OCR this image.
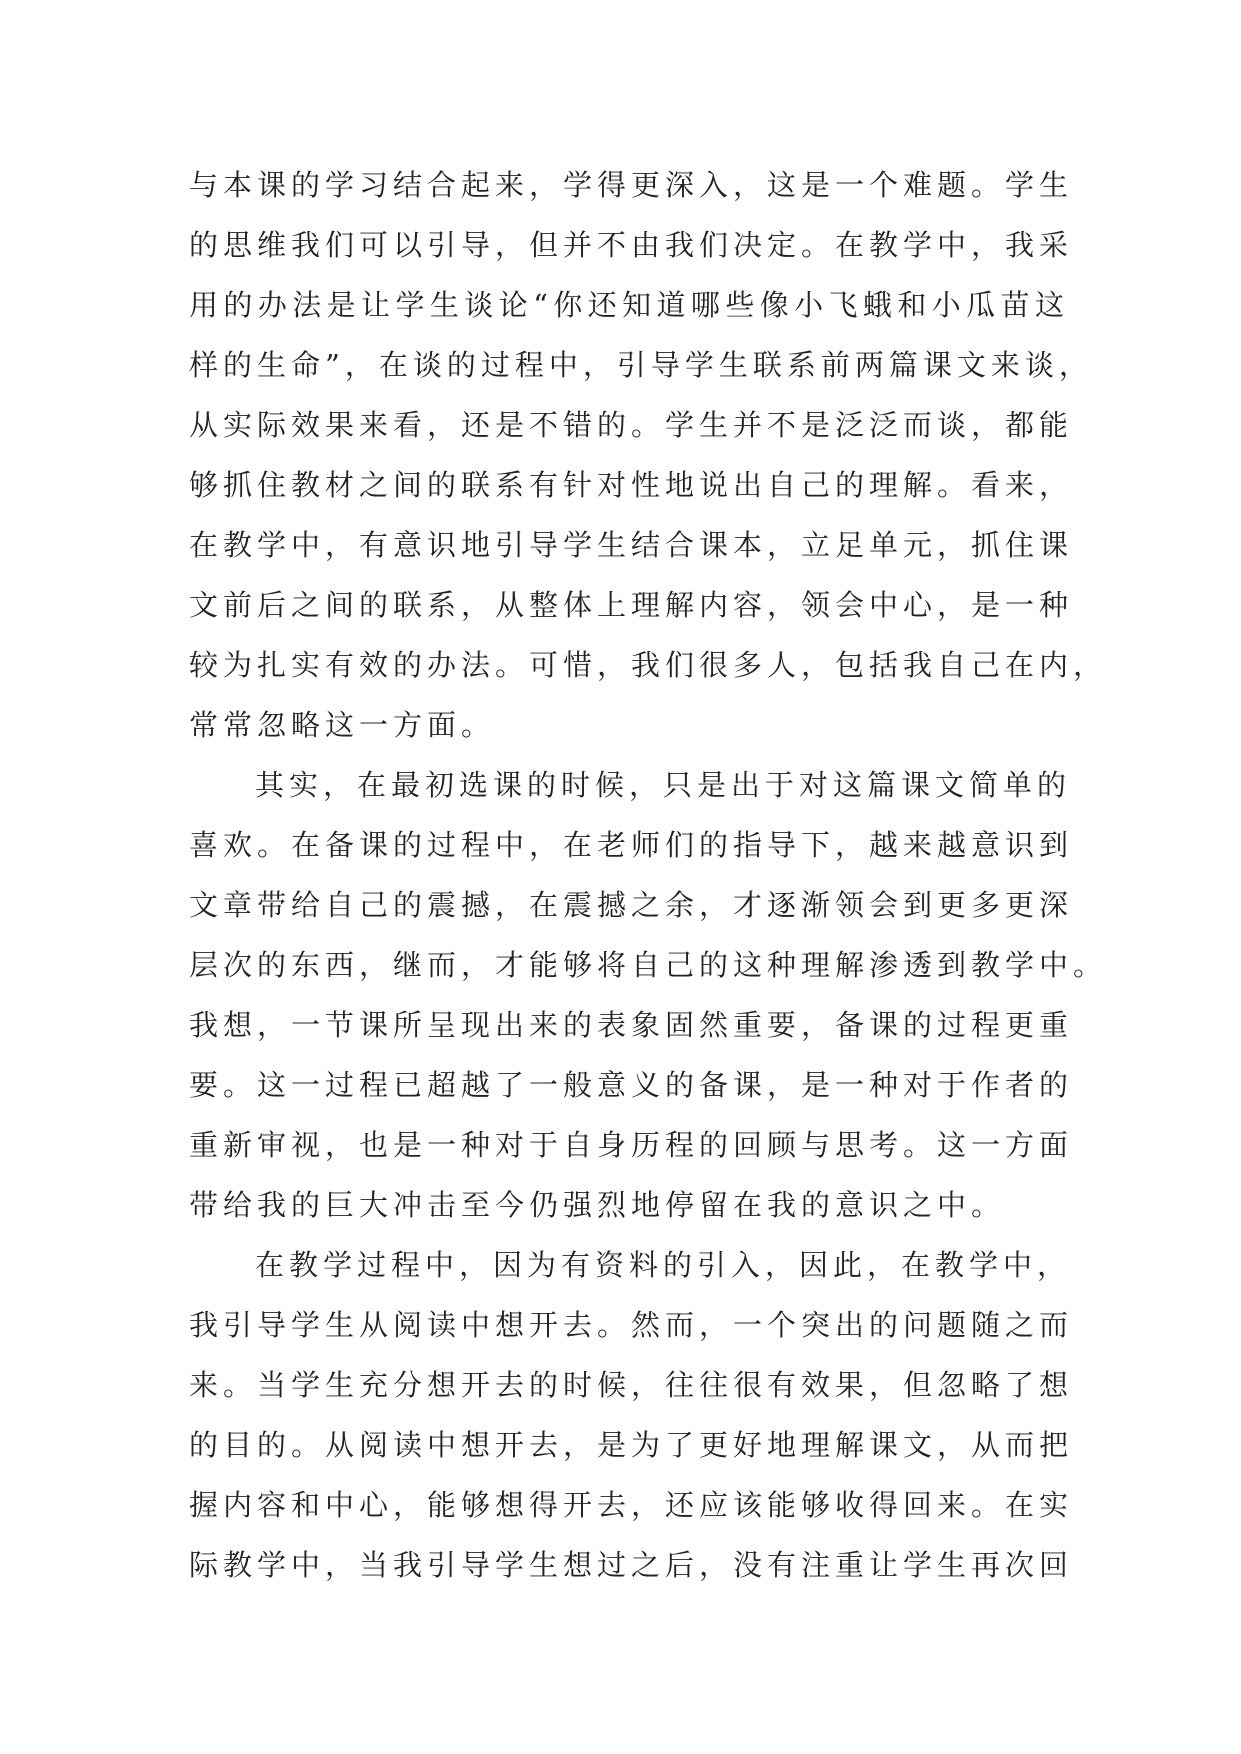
与本课的学习结合起来，学得更深入，这是一个难题。学生
的思维我们可以引导，但并不由我们决定。在教学中，我采
用的办法是让学生谈论“你还知道哪些像小飞蛾和小瓜苗这
样的生命”，在谈的过程中，引导学生联系前两篇课文来谈，
从实际效果来看，还是不错的。学生并不是泛泛而谈，都能
够抓住教材之间的联系有针对性地说出自己的理解。看来，
在教学中，有意识地引导学生结合课本，立足单元，抓住课
文前后之间的联系，从整体上理解内容，领会中心，是一种
较为扎实有效的办法。可惜，我们很多人，包括我自己在内，
常常忽略这一方面。
其实，在最初选课的时候，只是出于对这篇课文简单的
喜欢。在备课的过程中，在老师们的指导下，越来越意识到
文章带给自己的震撼，在震撼之余，才逐渐领会到更多更深
层次的东西，继而，才能够将自己的这种理解渗透到教学中。
我想，一节课所呈现出来的表象固然重要，备课的过程更重
要。这一过程已超越了一般意义的备课，是一种对于作者的
重新审视，也是一种对于自身历程的回顾与思考。这一方面
带给我的巨大冲击至今仍强烈地停留在我的意识之中。
在教学过程中，因为有资料的引入，因此，在教学中，
我引导学生从阅读中想开去。然而，一个突出的问题随之而
来。当学生充分想开去的时候，往往很有效果，但忽略了想
的目的。从阅读中想开去，是为了更好地理解课文，从而把
握内容和中心，能够想得开去，还应该能够收得回来。在实
际教学中，当我引导学生想过之后，没有注重让学生再次回
